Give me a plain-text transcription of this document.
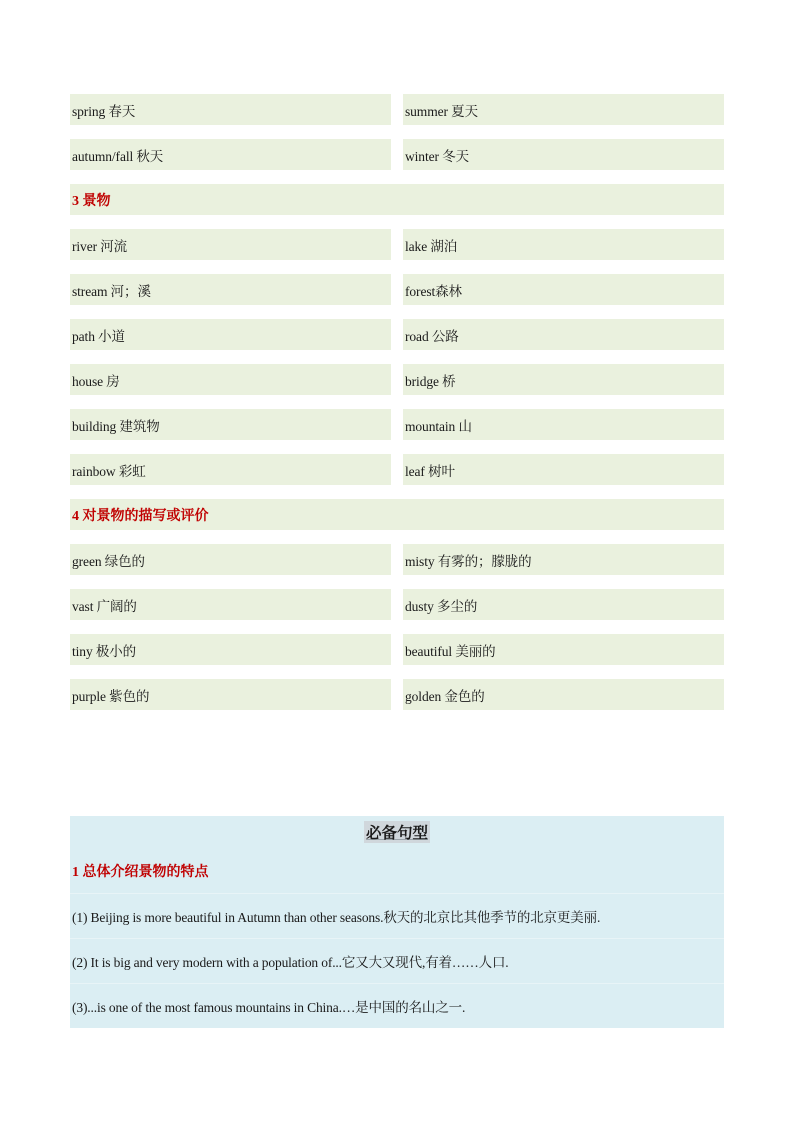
spring 春天	summer 夏天
autumn/fall 秋天	winter 冬天
3 景物
river 河流	lake 湖泊
stream 河；溪	forest森林
path 小道	road 公路
house 房	bridge 桥
building 建筑物	mountain 山
rainbow 彩虹	leaf 树叶
4 对景物的描写或评价
green 绿色的	misty 有雾的；朦胧的
vast 广阔的	dusty 多尘的
tiny 极小的	beautiful 美丽的
purple 紫色的	golden 金色的
必备句型
1 总体介绍景物的特点
(1) Beijing is more beautiful in Autumn than other seasons.秋天的北京比其他季节的北京更美丽.
(2) It is big and very modern with a population of...它又大又现代,有着……人口.
(3)...is one of the most famous mountains in China.…是中国的名山之一.
